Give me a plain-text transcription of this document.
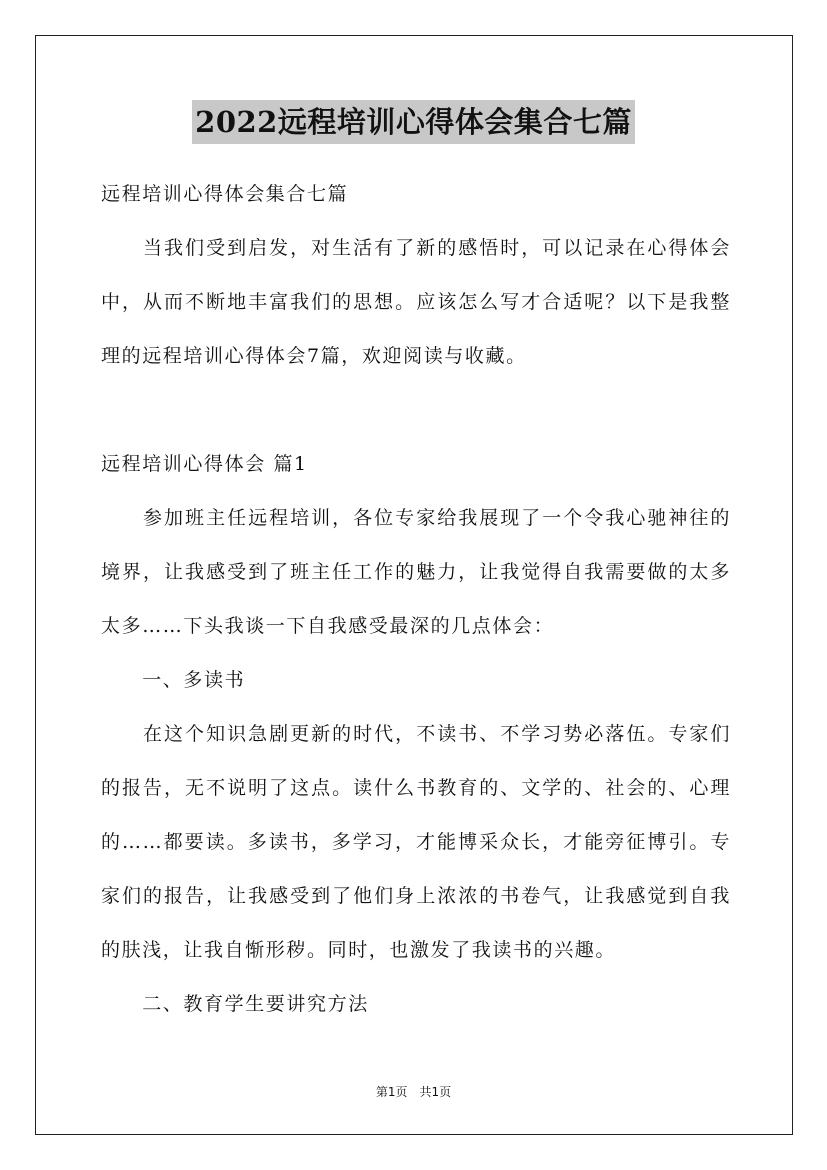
2022远程培训心得体会集合七篇
远程培训心得体会集合七篇
　　当我们受到启发，对生活有了新的感悟时，可以记录在心得体会
中，从而不断地丰富我们的思想。应该怎么写才合适呢？以下是我整
理的远程培训心得体会7篇，欢迎阅读与收藏。
远程培训心得体会 篇1
　　参加班主任远程培训，各位专家给我展现了一个令我心驰神往的
境界，让我感受到了班主任工作的魅力，让我觉得自我需要做的太多
太多……下头我谈一下自我感受最深的几点体会：
　　一、多读书
　　在这个知识急剧更新的时代，不读书、不学习势必落伍。专家们
的报告，无不说明了这点。读什么书教育的、文学的、社会的、心理
的……都要读。多读书，多学习，才能博采众长，才能旁征博引。专
家们的报告，让我感受到了他们身上浓浓的书卷气，让我感觉到自我
的肤浅，让我自惭形秽。同时，也激发了我读书的兴趣。
　　二、教育学生要讲究方法
第1页　共1页
